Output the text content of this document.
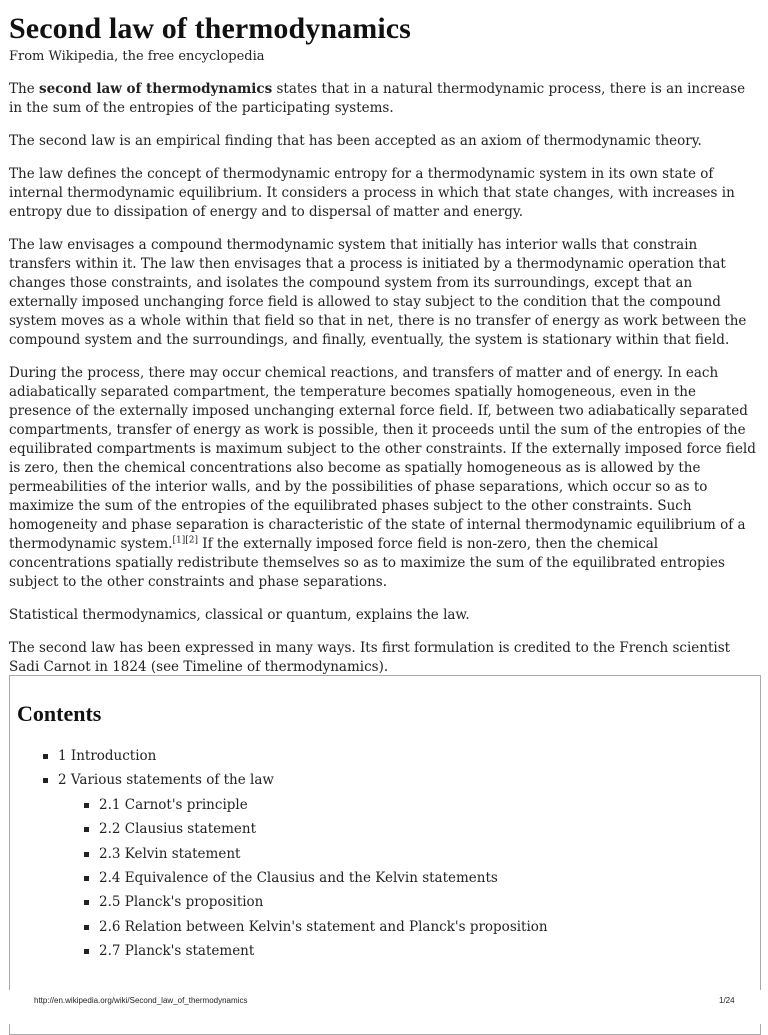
Second law of thermodynamics
From Wikipedia, the free encyclopedia

The second law of thermodynamics states that in a natural thermodynamic process, there is an increase in the sum of the entropies of the participating systems.

The second law is an empirical finding that has been accepted as an axiom of thermodynamic theory.

The law defines the concept of thermodynamic entropy for a thermodynamic system in its own state of internal thermodynamic equilibrium. It considers a process in which that state changes, with increases in entropy due to dissipation of energy and to dispersal of matter and energy.

The law envisages a compound thermodynamic system that initially has interior walls that constrain transfers within it. The law then envisages that a process is initiated by a thermodynamic operation that changes those constraints, and isolates the compound system from its surroundings, except that an externally imposed unchanging force field is allowed to stay subject to the condition that the compound system moves as a whole within that field so that in net, there is no transfer of energy as work between the compound system and the surroundings, and finally, eventually, the system is stationary within that field.

During the process, there may occur chemical reactions, and transfers of matter and of energy. In each adiabatically separated compartment, the temperature becomes spatially homogeneous, even in the presence of the externally imposed unchanging external force field. If, between two adiabatically separated compartments, transfer of energy as work is possible, then it proceeds until the sum of the entropies of the equilibrated compartments is maximum subject to the other constraints. If the externally imposed force field is zero, then the chemical concentrations also become as spatially homogeneous as is allowed by the permeabilities of the interior walls, and by the possibilities of phase separations, which occur so as to maximize the sum of the entropies of the equilibrated phases subject to the other constraints. Such homogeneity and phase separation is characteristic of the state of internal thermodynamic equilibrium of a thermodynamic system.[1][2] If the externally imposed force field is non-zero, then the chemical concentrations spatially redistribute themselves so as to maximize the sum of the equilibrated entropies subject to the other constraints and phase separations.

Statistical thermodynamics, classical or quantum, explains the law.

The second law has been expressed in many ways. Its first formulation is credited to the French scientist Sadi Carnot in 1824 (see Timeline of thermodynamics).

Contents
1 Introduction
2 Various statements of the law
2.1 Carnot's principle
2.2 Clausius statement
2.3 Kelvin statement
2.4 Equivalence of the Clausius and the Kelvin statements
2.5 Planck's proposition
2.6 Relation between Kelvin's statement and Planck's proposition
2.7 Planck's statement
http://en.wikipedia.org/wiki/Second_law_of_thermodynamics	1/24
